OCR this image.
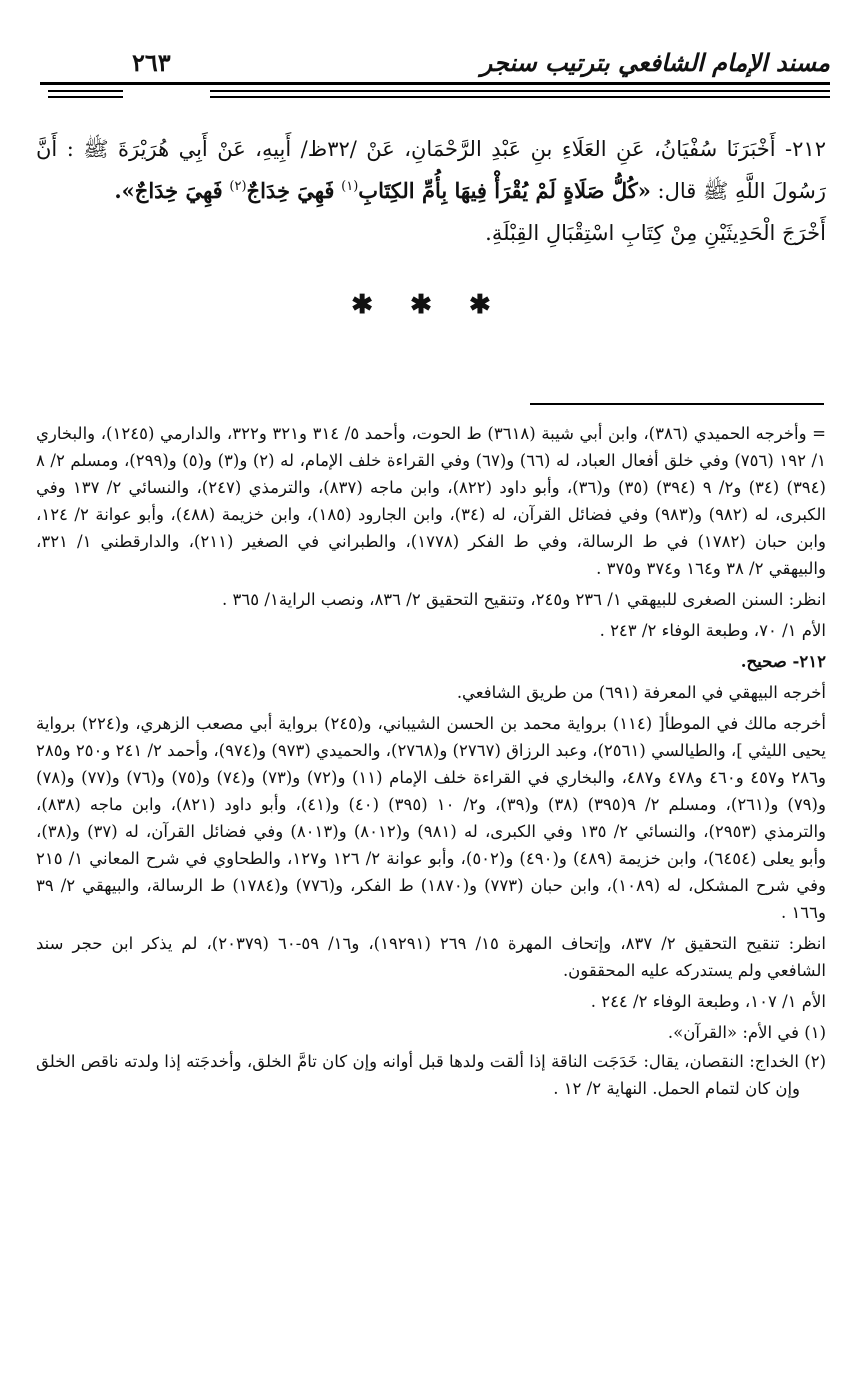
مسند الإمام الشافعي بترتيب سنجر
٢٦٣

٢١٢- أَخْبَرَنَا سُفْيَانُ، عَنِ العَلَاءِ بنِ عَبْدِ الرَّحْمَانِ، عَنْ /٣٢ظ/ أَبِيهِ، عَنْ أَبِي هُرَيْرَةَ ﷺ : أَنَّ رَسُولَ اللَّهِ ﷺ قال: «كُلُّ صَلَاةٍ لَمْ يُقْرَأْ فِيهَا بِأُمِّ الكِتَابِ$^{(١)}$ فَهِيَ خِدَاجٌ$^{(٢)}$ فَهِيَ خِدَاجٌ».

أَخْرَجَ الْحَدِيثَيْنِ مِنْ كِتَابِ اسْتِقْبَالِ القِبْلَةِ.

✱ ✱ ✱

= وأخرجه الحميدي (٣٨٦)، وابن أبي شيبة (٣٦١٨) ط الحوت، وأحمد ٥/ ٣١٤ و٣٢١ و٣٢٢، والدارمي (١٢٤٥)، والبخاري ١/ ١٩٢ (٧٥٦) وفي خلق أفعال العباد، له (٦٦) و(٦٧) وفي القراءة خلف الإمام، له (٢) و(٣) و(٥) و(٢٩٩)، ومسلم ٢/ ٨ (٣٩٤) (٣٤) و٢/ ٩ (٣٩٤) (٣٥) و(٣٦)، وأبو داود (٨٢٢)، وابن ماجه (٨٣٧)، والترمذي (٢٤٧)، والنسائي ٢/ ١٣٧ وفي الكبرى، له (٩٨٢) و(٩٨٣) وفي فضائل القرآن، له (٣٤)، وابن الجارود (١٨٥)، وابن خزيمة (٤٨٨)، وأبو عوانة ٢/ ١٢٤، وابن حبان (١٧٨٢) في ط الرسالة، وفي ط الفكر (١٧٧٨)، والطبراني في الصغير (٢١١)، والدارقطني ١/ ٣٢١، والبيهقي ٢/ ٣٨ و١٦٤ و٣٧٤ و٣٧٥ .

انظر: السنن الصغرى للبيهقي ١/ ٢٣٦ و٢٤٥، وتنقيح التحقيق ٢/ ٨٣٦، ونصب الراية١/ ٣٦٥ .

الأم ١/ ٧٠، وطبعة الوفاء ٢/ ٢٤٣ .

٢١٢- صحيح.

أخرجه البيهقي في المعرفة (٦٩١) من طريق الشافعي.

أخرجه مالك في الموطأ[ (١١٤) برواية محمد بن الحسن الشيباني، و(٢٤٥) برواية أبي مصعب الزهري، و(٢٢٤) برواية يحيى الليثي ]، والطيالسي (٢٥٦١)، وعبد الرزاق (٢٧٦٧) و(٢٧٦٨)، والحميدي (٩٧٣) و(٩٧٤)، وأحمد ٢/ ٢٤١ و٢٥٠ و٢٨٥ و٢٨٦ و٤٥٧ و٤٦٠ و٤٧٨ و٤٨٧، والبخاري في القراءة خلف الإمام (١١) و(٧٢) و(٧٣) و(٧٤) و(٧٥) و(٧٦) و(٧٧) و(٧٨) و(٧٩) و(٢٦١)، ومسلم ٢/ ٩(٣٩٥) (٣٨) و(٣٩)، و٢/ ١٠ (٣٩٥) (٤٠) و(٤١)، وأبو داود (٨٢١)، وابن ماجه (٨٣٨)، والترمذي (٢٩٥٣)، والنسائي ٢/ ١٣٥ وفي الكبرى، له (٩٨١) و(٨٠١٢) و(٨٠١٣) وفي فضائل القرآن، له (٣٧) و(٣٨)، وأبو يعلى (٦٤٥٤)، وابن خزيمة (٤٨٩) و(٤٩٠) و(٥٠٢)، وأبو عوانة ٢/ ١٢٦ و١٢٧، والطحاوي في شرح المعاني ١/ ٢١٥ وفي شرح المشكل، له (١٠٨٩)، وابن حبان (٧٧٣) و(١٨٧٠) ط الفكر، و(٧٧٦) و(١٧٨٤) ط الرسالة، والبيهقي ٢/ ٣٩ و١٦٦ .

انظر: تنقيح التحقيق ٢/ ٨٣٧، وإتحاف المهرة ١٥/ ٢٦٩ (١٩٢٩١)، و١٦/ ٥٩-٦٠ (٢٠٣٧٩)، لم يذكر ابن حجر سند الشافعي ولم يستدركه عليه المحققون.

الأم ١/ ١٠٧، وطبعة الوفاء ٢/ ٢٤٤ .

(١) في الأم: «القرآن».

(٢) الخداج: النقصان، يقال: خَدَجَت الناقة إذا ألقت ولدها قبل أوانه وإن كان تامَّ الخلق، وأخدجَته إذا ولدته ناقص الخلق وإن كان لتمام الحمل. النهاية ٢/ ١٢ .
